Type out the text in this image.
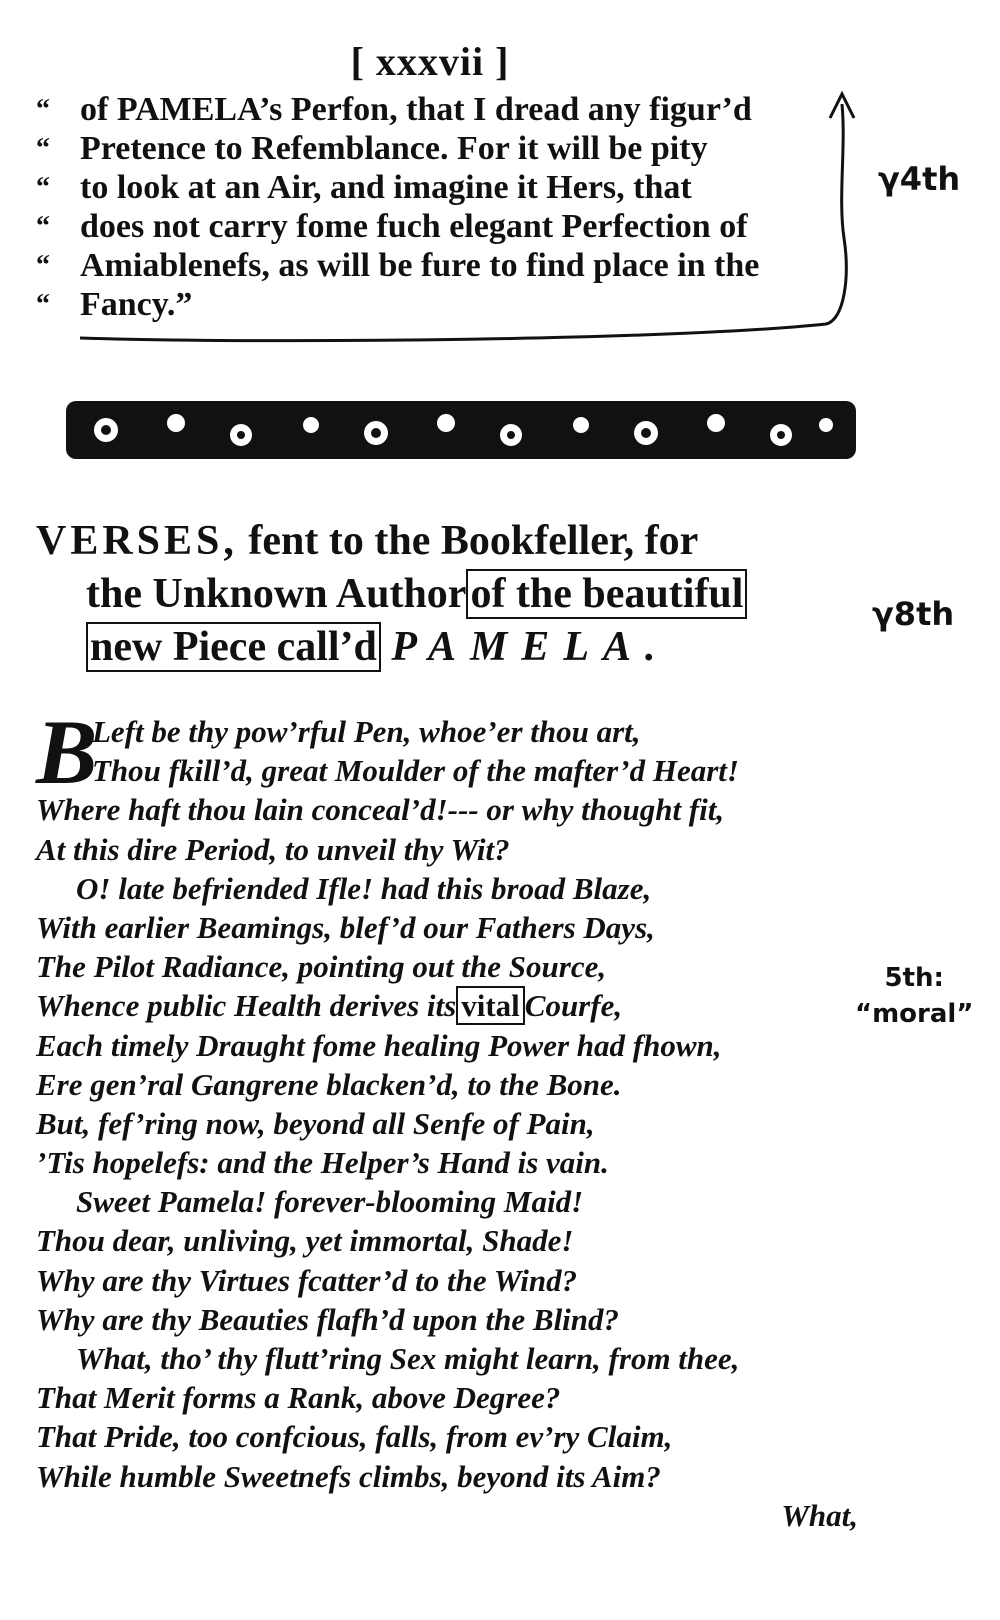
[ xxxvii ]
“ of PAMELA’s Perfon, that I dread any figur’d
“ Pretence to Refemblance. For it will be pity
“ to look at an Air, and imagine it Hers, that
“ does not carry fome fuch elegant Perfection of
“ Amiablenefs, as will be fure to find place in the
“ Fancy.”
γ4th
VERSES, fent to the Bookfeller, for
the Unknown Authorof the beautiful
new Piece call’d PAMELA.
γ8th
B
Left be thy pow’rful Pen, whoe’er thou art,
Thou fkill’d, great Moulder of the mafter’d Heart!
Where haft thou lain conceal’d!--- or why thought fit,
At this dire Period, to unveil thy Wit?
O! late befriended Ifle! had this broad Blaze,
With earlier Beamings, blef’d our Fathers Days,
The Pilot Radiance, pointing out the Source,
Whence public Health derives its vital Courfe,
Each timely Draught fome healing Power had fhown,
Ere gen’ral Gangrene blacken’d, to the Bone.
But, fef’ring now, beyond all Senfe of Pain,
’Tis hopelefs: and the Helper’s Hand is vain.
Sweet Pamela! forever-blooming Maid!
Thou dear, unliving, yet immortal, Shade!
Why are thy Virtues fcatter’d to the Wind?
Why are thy Beauties flafh’d upon the Blind?
What, tho’ thy flutt’ring Sex might learn, from thee,
That Merit forms a Rank, above Degree?
That Pride, too confcious, falls, from ev’ry Claim,
While humble Sweetnefs climbs, beyond its Aim?
What,
5th:
“moral”
